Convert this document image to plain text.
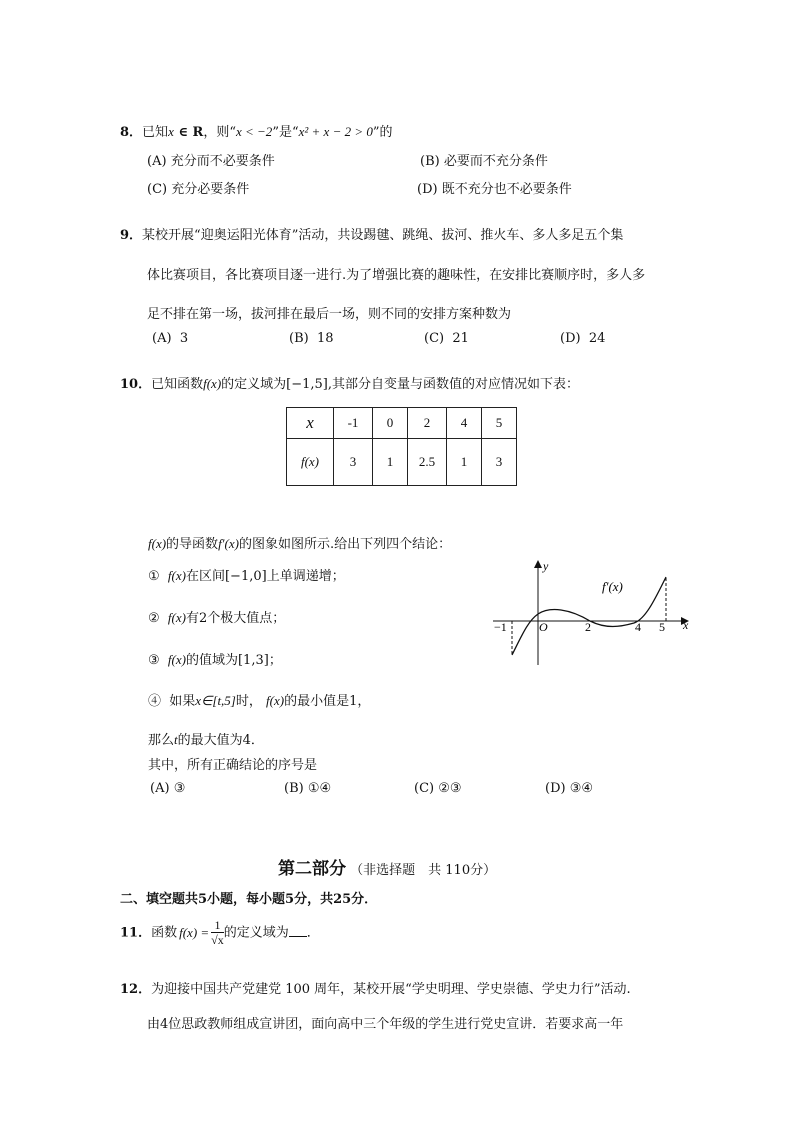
8．已知x ∈ R，则“x < −2”是“x² + x − 2 > 0”的
(A) 充分而不必要条件	(B) 必要而不充分条件
(C) 充分必要条件	(D) 既不充分也不必要条件
9．某校开展“迎奥运阳光体育”活动，共设踢毽、跳绳、拔河、推火车、多人多足五个集
体比赛项目，各比赛项目逐一进行.为了增强比赛的趣味性，在安排比赛顺序时，多人多
足不排在第一场，拔河排在最后一场，则不同的安排方案种数为
(A) 3	(B) 18	(C) 21	(D) 24
10．已知函数f(x)的定义域为[−1,5],其部分自变量与函数值的对应情况如下表：
x	-1	0	2	4	5
f(x)	3	1	2.5	1	3
f(x)的导函数f′(x)的图象如图所示.给出下列四个结论：
① f(x)在区间[−1,0]上单调递增；
② f(x)有2个极大值点；
③ f(x)的值域为[1,3]；
④ 如果x∈[t,5]时， f(x)的最小值是1，
那么t的最大值为4．
其中，所有正确结论的序号是
(A) ③	(B) ①④	(C) ②③	(D) ③④
y
x
f′(x)
O
−1	2	4 5
第二部分 （非选择题　共 110分）
二、填空题共5小题，每小题5分，共25分．
11．函数 $f(x) = \frac{1}{√x}$ 的定义域为 ．
12．为迎接中国共产党建党 100 周年，某校开展“学史明理、学史崇德、学史力行”活动.
由4位思政教师组成宣讲团，面向高中三个年级的学生进行党史宣讲．若要求高一年
